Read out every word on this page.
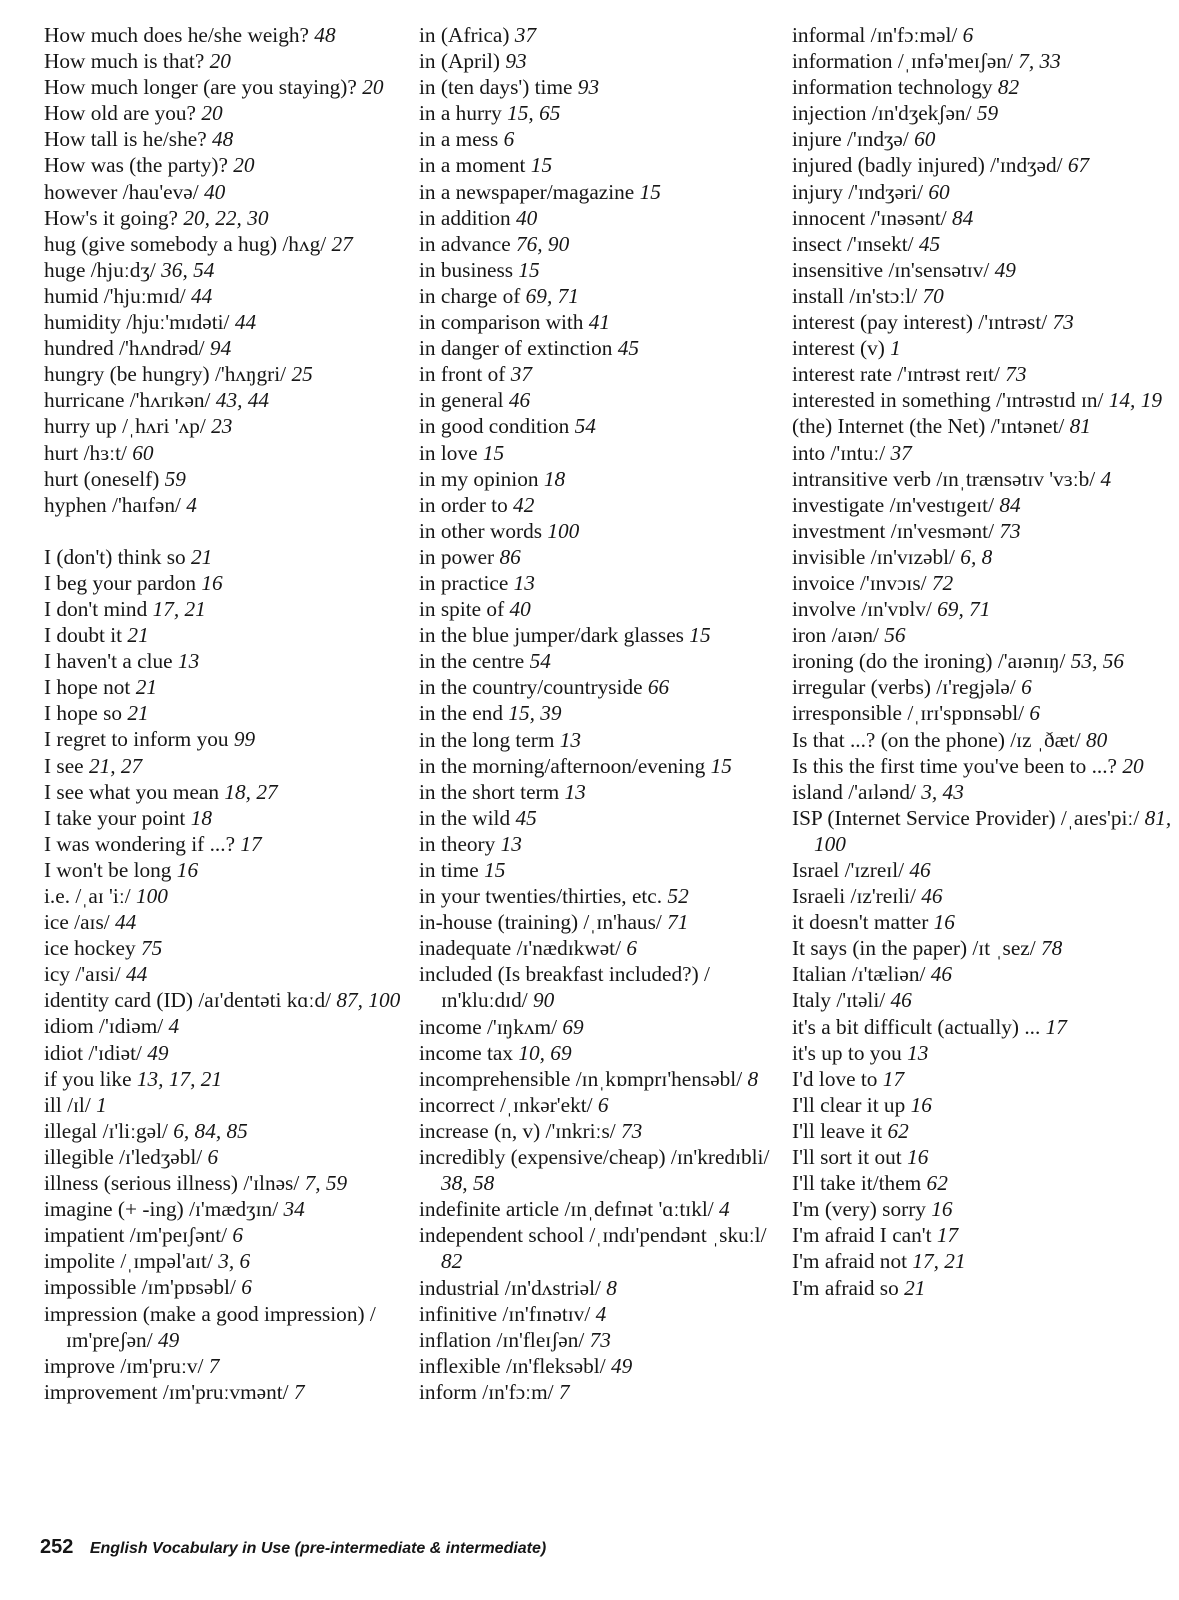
How much does he/she weigh? 48
How much is that? 20
How much longer (are you staying)? 20
How old are you? 20
How tall is he/she? 48
How was (the party)? 20
however /hau'evə/ 40
How's it going? 20, 22, 30
hug (give somebody a hug) /hʌg/ 27
huge /hjuːdʒ/ 36, 54
humid /'hjuːmɪd/ 44
humidity /hjuː'mɪdəti/ 44
hundred /'hʌndrəd/ 94
hungry (be hungry) /'hʌŋgri/ 25
hurricane /'hʌrɪkən/ 43, 44
hurry up /ˌhʌri 'ʌp/ 23
hurt /hɜːt/ 60
hurt (oneself) 59
hyphen /'haɪfən/ 4
I (don't) think so 21
I beg your pardon 16
I don't mind 17, 21
I doubt it 21
I haven't a clue 13
I hope not 21
I hope so 21
I regret to inform you 99
I see 21, 27
I see what you mean 18, 27
I take your point 18
I was wondering if ...? 17
I won't be long 16
i.e. /ˌaɪ 'iː/ 100
ice /aɪs/ 44
ice hockey 75
icy /'aɪsi/ 44
identity card (ID) /aɪ'dentəti kɑːd/ 87, 100
idiom /'ɪdiəm/ 4
idiot /'ɪdiət/ 49
if you like 13, 17, 21
ill /ɪl/ 1
illegal /ɪ'liːgəl/ 6, 84, 85
illegible /ɪ'ledʒəbl/ 6
illness (serious illness) /'ɪlnəs/ 7, 59
imagine (+ -ing) /ɪ'mædʒɪn/ 34
impatient /ɪm'peɪʃənt/ 6
impolite /ˌɪmpəl'aɪt/ 3, 6
impossible /ɪm'pɒsəbl/ 6
impression (make a good impression) /ɪm'preʃən/ 49
improve /ɪm'pruːv/ 7
improvement /ɪm'pruːvmənt/ 7
in (Africa) 37
in (April) 93
in (ten days') time 93
in a hurry 15, 65
in a mess 6
in a moment 15
in a newspaper/magazine 15
in addition 40
in advance 76, 90
in business 15
in charge of 69, 71
in comparison with 41
in danger of extinction 45
in front of 37
in general 46
in good condition 54
in love 15
in my opinion 18
in order to 42
in other words 100
in power 86
in practice 13
in spite of 40
in the blue jumper/dark glasses 15
in the centre 54
in the country/countryside 66
in the end 15, 39
in the long term 13
in the morning/afternoon/evening 15
in the short term 13
in the wild 45
in theory 13
in time 15
in your twenties/thirties, etc. 52
in-house (training) /ˌɪn'haus/ 71
inadequate /ɪ'nædɪkwət/ 6
included (Is breakfast included?) /ɪn'kluːdɪd/ 90
income /'ɪŋkʌm/ 69
income tax 10, 69
incomprehensible /ɪnˌkɒmprɪ'hensəbl/ 8
incorrect /ˌɪnkər'ekt/ 6
increase (n, v) /'ɪnkriːs/ 73
incredibly (expensive/cheap) /ɪn'kredɪbli/ 38, 58
indefinite article /ɪnˌdefɪnət 'ɑːtɪkl/ 4
independent school /ˌɪndɪ'pendənt ˌskuːl/ 82
industrial /ɪn'dʌstriəl/ 8
infinitive /ɪn'fɪnətɪv/ 4
inflation /ɪn'fleɪʃən/ 73
inflexible /ɪn'fleksəbl/ 49
inform /ɪn'fɔːm/ 7
informal /ɪn'fɔːməl/ 6
information /ˌɪnfə'meɪʃən/ 7, 33
information technology 82
injection /ɪn'dʒekʃən/ 59
injure /'ɪndʒə/ 60
injured (badly injured) /'ɪndʒəd/ 67
injury /'ɪndʒəri/ 60
innocent /'ɪnəsənt/ 84
insect /'ɪnsekt/ 45
insensitive /ɪn'sensətɪv/ 49
install /ɪn'stɔːl/ 70
interest (pay interest) /'ɪntrəst/ 73
interest (v) 1
interest rate /'ɪntrəst reɪt/ 73
interested in something /'ɪntrəstɪd ɪn/ 14, 19
(the) Internet (the Net) /'ɪntənet/ 81
into /'ɪntuː/ 37
intransitive verb /ɪnˌtrænsətɪv 'vɜːb/ 4
investigate /ɪn'vestɪgeɪt/ 84
investment /ɪn'vesmənt/ 73
invisible /ɪn'vɪzəbl/ 6, 8
invoice /'ɪnvɔɪs/ 72
involve /ɪn'vɒlv/ 69, 71
iron /aɪən/ 56
ironing (do the ironing) /'aɪənɪŋ/ 53, 56
irregular (verbs) /ɪ'regjələ/ 6
irresponsible /ˌɪrɪ'spɒnsəbl/ 6
Is that ...? (on the phone) /ɪz ˌðæt/ 80
Is this the first time you've been to ...? 20
island /'aɪlənd/ 3, 43
ISP (Internet Service Provider) /ˌaɪes'piː/ 81, 100
Israel /'ɪzreɪl/ 46
Israeli /ɪz'reɪli/ 46
it doesn't matter 16
It says (in the paper) /ɪt ˌsez/ 78
Italian /ɪ'tæliən/ 46
Italy /'ɪtəli/ 46
it's a bit difficult (actually) ... 17
it's up to you 13
I'd love to 17
I'll clear it up 16
I'll leave it 62
I'll sort it out 16
I'll take it/them 62
I'm (very) sorry 16
I'm afraid I can't 17
I'm afraid not 17, 21
I'm afraid so 21
252 English Vocabulary in Use (pre-intermediate & intermediate)
